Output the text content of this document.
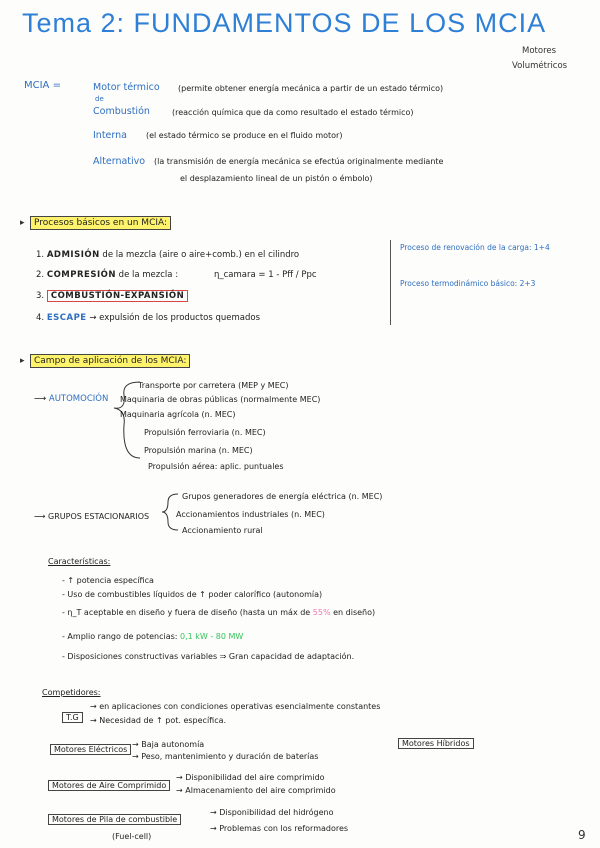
Tema 2: FUNDAMENTOS DE LOS MCIA
Motores
Volumétricos
MCIA =	Motor térmico (permite obtener energía mecánica a partir de un estado térmico)
de
Combustión	(reacción química que da como resultado el estado térmico)
Interna (el estado térmico se produce en el fluido motor)
Alternativo (la transmisión de energía mecánica se efectúa originalmente mediante
el desplazamiento lineal de un pistón o émbolo)
▸	Procesos básicos en un MCIA:
1. ADMISIÓN de la mezcla (aire o aire+comb.) en el cilindro
2. COMPRESIÓN de la mezcla :	η_camara = 1 - Pff / Ppc
3. COMBUSTIÓN-EXPANSIÓN
4. ESCAPE → expulsión de los productos quemados
Proceso de renovación de la carga: 1+4
Proceso termodinámico básico: 2+3
▸	Campo de aplicación de los MCIA:
⟶ AUTOMOCIÓN
Transporte por carretera (MEP y MEC)
Maquinaria de obras públicas (normalmente MEC)
Maquinaria agrícola (n. MEC)
Propulsión ferroviaria (n. MEC)
Propulsión marina (n. MEC)
Propulsión aérea: aplic. puntuales
⟶ GRUPOS ESTACIONARIOS
Grupos generadores de energía eléctrica (n. MEC)
Accionamientos industriales (n. MEC)
Accionamiento rural
Características:
- ↑ potencia específica
- Uso de combustibles líquidos de ↑ poder calorífico (autonomía)
- η_T aceptable en diseño y fuera de diseño (hasta un máx de 55% en diseño)
- Amplio rango de potencias: 0,1 kW - 80 MW
- Disposiciones constructivas variables ⇒ Gran capacidad de adaptación.
Competidores:
T.G
→ en aplicaciones con condiciones operativas esencialmente constantes
→ Necesidad de ↑ pot. específica.
Motores Eléctricos
→ Baja autonomía
→ Peso, mantenimiento y duración de baterías
Motores Híbridos
Motores de Aire Comprimido
→ Disponibilidad del aire comprimido
→ Almacenamiento del aire comprimido
Motores de Pila de combustible
(Fuel-cell)
→ Disponibilidad del hidrógeno
→ Problemas con los reformadores	9
